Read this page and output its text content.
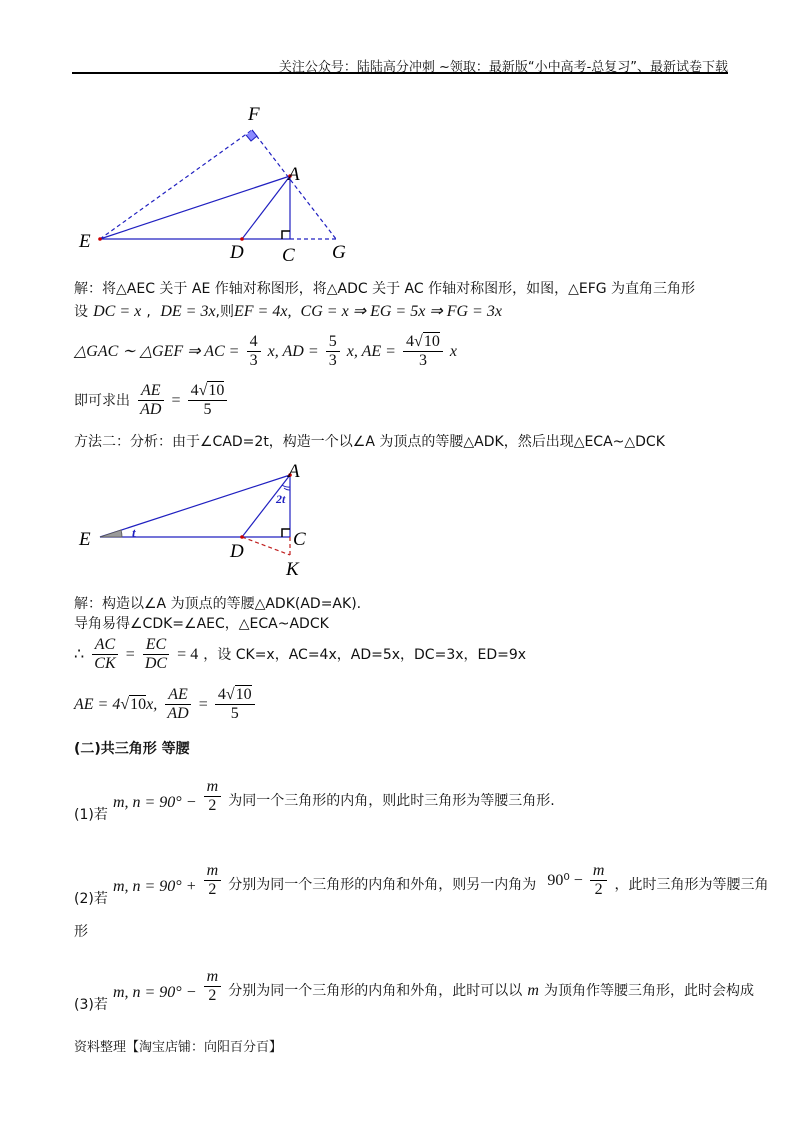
关注公众号：陆陆高分冲刺 ~领取：最新版“小中高考-总复习”、最新试卷下载
F
A
E
D C G
解：将△AEC 关于 AE 作轴对称图形，将△ADC 关于 AC 作轴对称图形，如图，△EFG 为直角三角形
设 DC = x ,  DE = 3x,则EF = 4x,  CG = x ⇒ EG = 5x ⇒ FG = 3x
△GAC ∼ △GEF ⇒ AC = $\frac{4}{3} x$, AD = $\frac{5}{3} x$, AE = $\frac{4√10}{3}$ x
即可求出 $\frac{AE}{AD} = \frac{4√10}{5}$
方法二：分析：由于∠CAD=2t，构造一个以∠A 为顶点的等腰△ADK，然后出现△ECA~△DCK
A
E
D
C
K
t
2t
解：构造以∠A 为顶点的等腰△ADK(AD=AK).
导角易得∠CDK=∠AEC，△ECA~ADCK
∴ $\frac{AC}{CK} = \frac{EC}{DC} = 4$ ，设 CK=x，AC=4x，AD=5x，DC=3x，ED=9x
AE = 4√10x, $\frac{AE}{AD} = \frac{4√10}{5}$
(二)共三角形 等腰
(1)若 m, $n = 90^\circ - \frac{m}{2}$ 为同一个三角形的内角，则此时三角形为等腰三角形.
(2)若 m, $n = 90^\circ + \frac{m}{2}$ 分别为同一个三角形的内角和外角，则另一内角为 $90^0 - \frac{m}{2}$ ，此时三角形为等腰三角
形
(3)若 m, $n = 90^\circ - \frac{m}{2}$ 分别为同一个三角形的内角和外角，此时可以以 m 为顶角作等腰三角形，此时会构成
资料整理【淘宝店铺：向阳百分百】
